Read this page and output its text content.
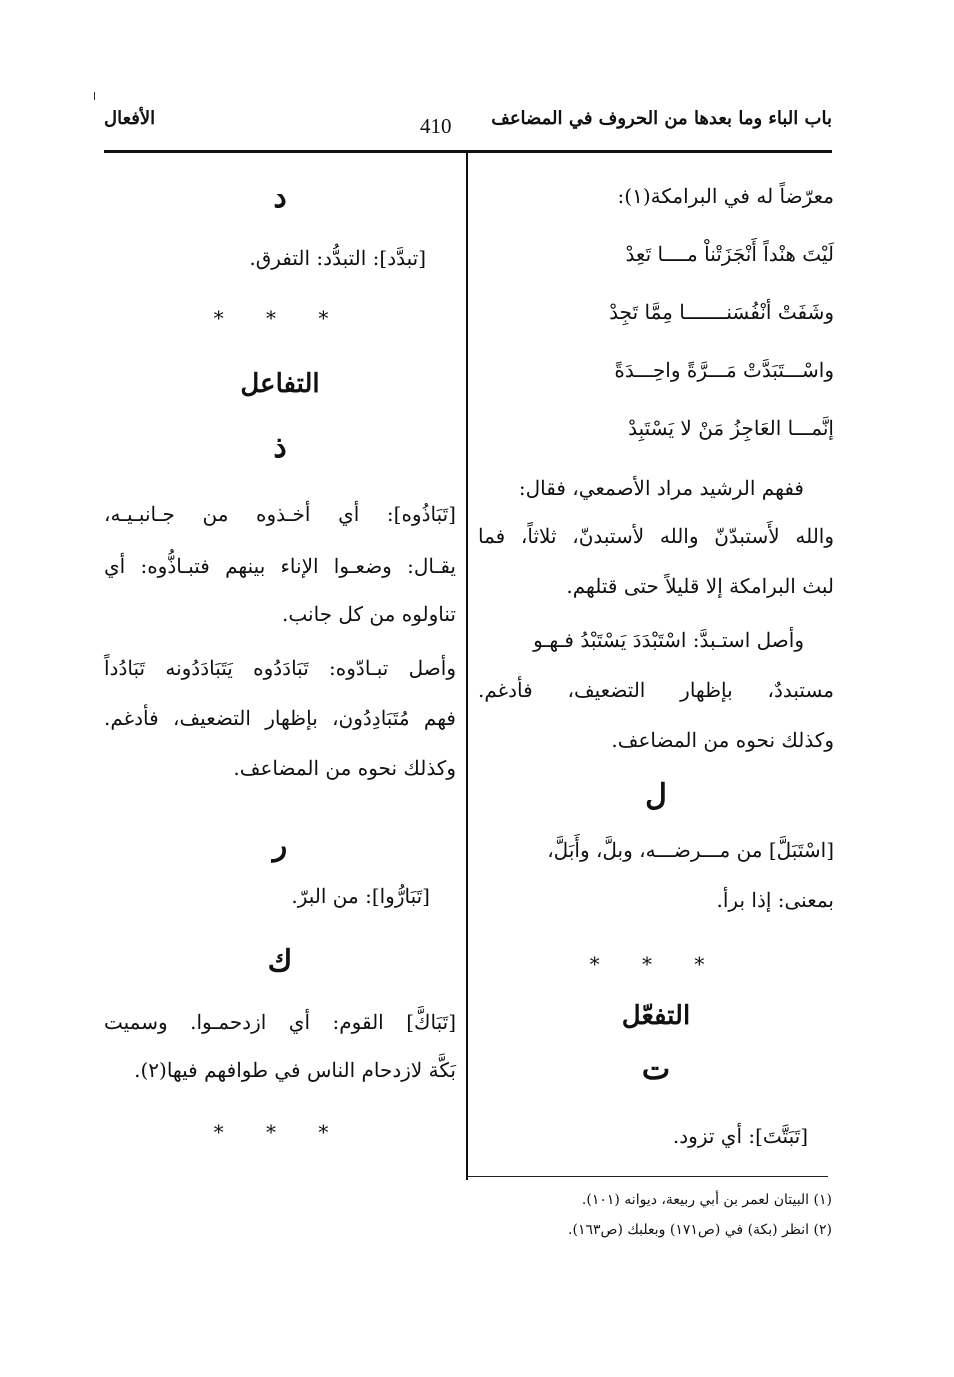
باب الباء وما بعدها من الحروف في المضاعف
410
الأفعال
معرّضاً له في البرامكة(١):
لَيْتَ هنْداً أَنْجَزَتْناْ مــــا تَعِدْ
وشَفَتْ أنْفُسَنـــــــا مِمَّا تَجِدْ
واسْـــتَبَدَّتْ مَـــرَّةً واحِـــدَةً
إنَّمـــا العَاجِزُ مَنْ لا يَسْتَبِدْ
ففهم الرشيد مراد الأصمعي، فقال:
والله لأَستبدّنّ والله لأستبدنّ، ثلاثاً، فما
لبث البرامكة إلا قليلاً حتى قتلهم.
وأصل استـبدَّ: اسْتَبْدَدَ يَسْتَبْدُ فـهـو
مستبددٌ، بإظهار التضعيف، فأدغم.
وكذلك نحوه من المضاعف.
ل
[اسْتَبَلَّ] من مـــرضـــه، وبلَّ، وأَبَلَّ،
بمعنى: إذا برأ.
* * *
التفعّل
ت
[تَبَتَّتَ]: أي تزود.
د
[تبدَّد]: التبدُّد: التفرق.
* * *
التفاعل
ذ
[تَبَاذُوه]: أي أخـذوه من جـانبـيـه،
يقـال: وضعـوا الإناء بينهم فتبـاذُّوه: أي
تناولوه من كل جانب.
وأصل تبـادّوه: تَبَادَدُوه يَتَبَادَدُونه تَبَادُداً
فهم مُتَبَادِدُون، بإظهار التضعيف، فأدغم.
وكذلك نحوه من المضاعف.
ر
[تَبَارُّوا]: من البرّ.
ك
[تَبَاكَّ] القوم: أي ازدحمـوا. وسميت
بَكَّة لازدحام الناس في طوافهم فيها(٢).
* * *
(١) البيتان لعمر بن أبي ربيعة، ديوانه (١٠١).
(٢) انظر (بكة) في (ص١٧١) وبعلبك (ص١٦٣).
